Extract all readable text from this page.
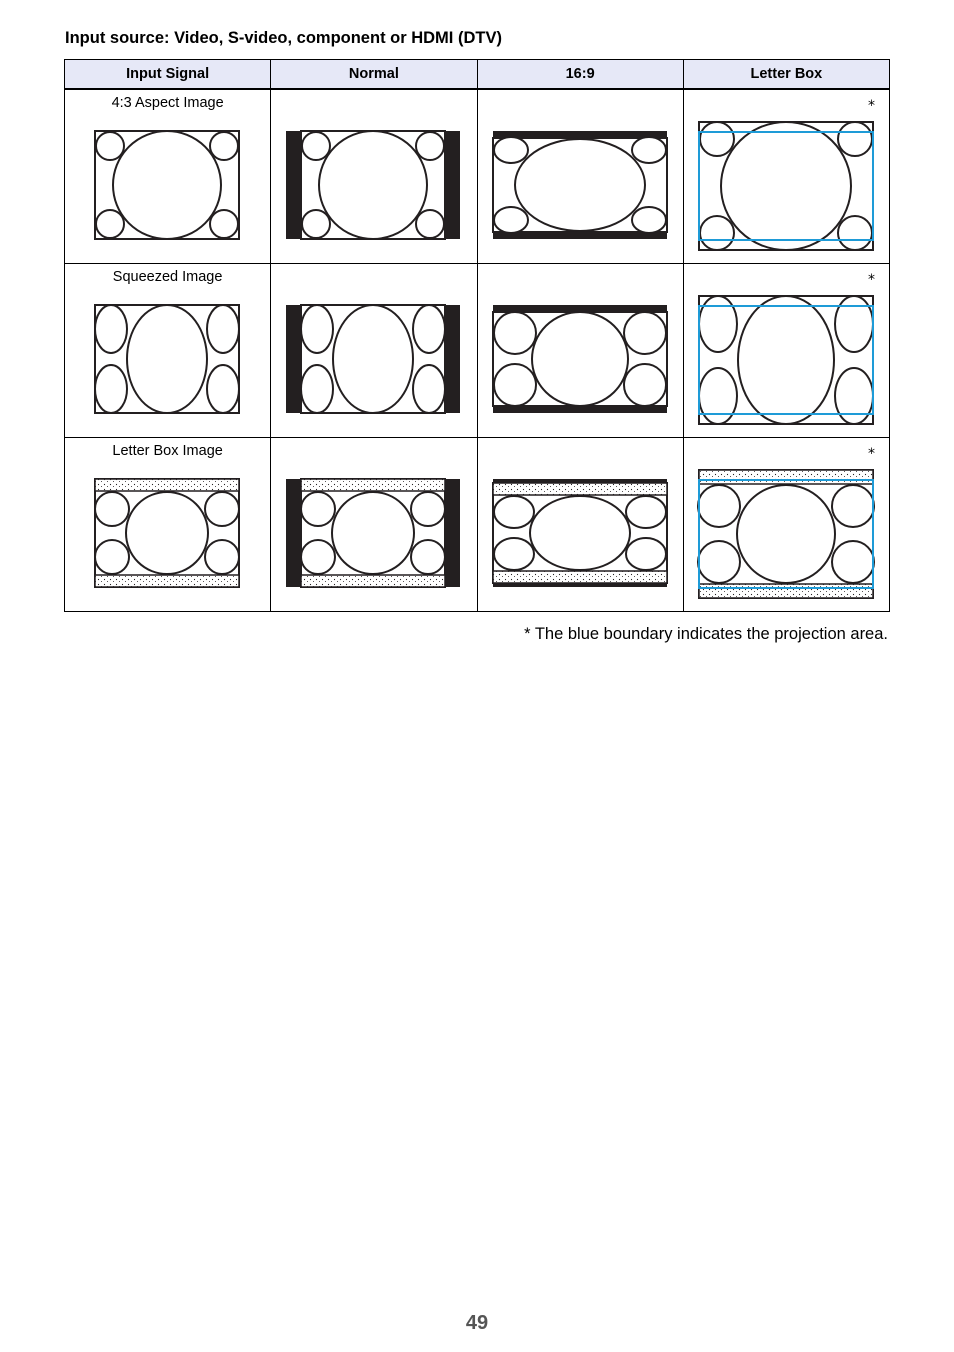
Input source: Video, S-video, component or HDMI (DTV)
Input Signal	Normal	16:9	Letter Box

4:3 Aspect Image			*

Squeezed Image			*

Letter Box Image			*
* The blue boundary indicates the projection area.
49
